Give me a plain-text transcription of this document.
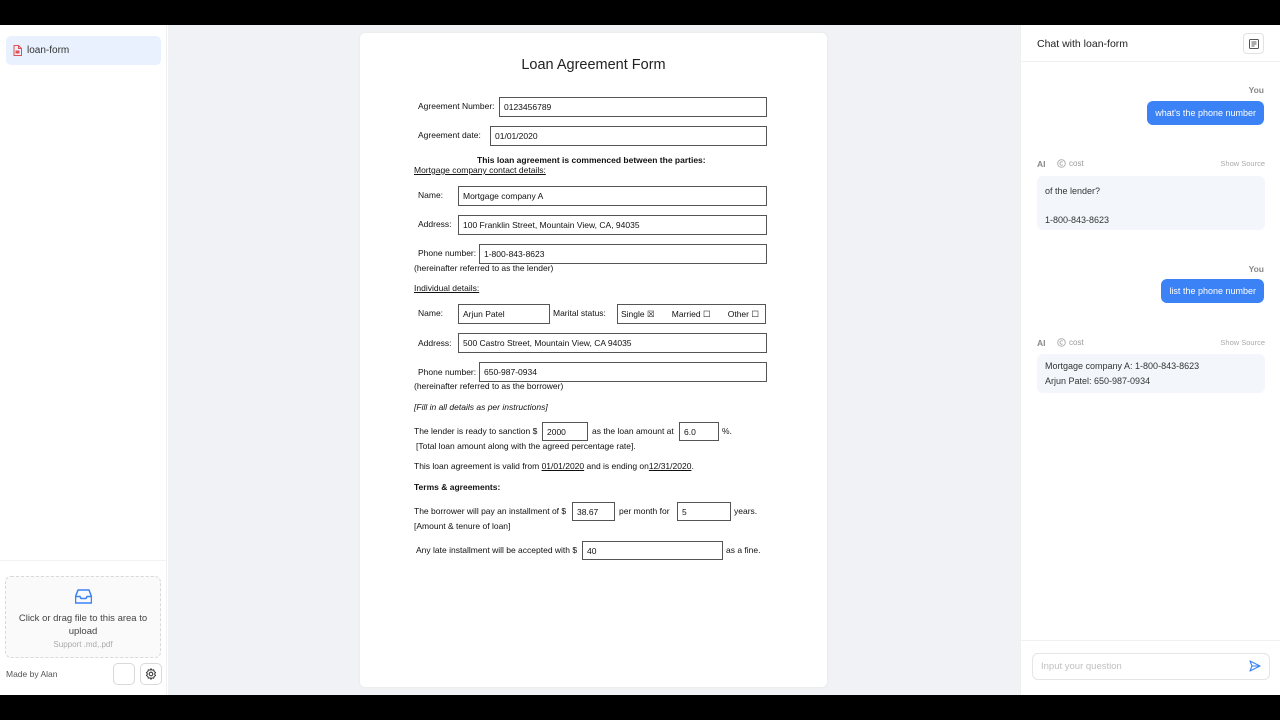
loan-form
Click or drag file to this area to upload
Support .md,.pdf
Made by Alan
Loan Agreement Form
Agreement Number:	0123456789
Agreement date:	01/01/2020
This loan agreement is commenced between the parties:
Mortgage company contact details:
Name:	Mortgage company A
Address:	100 Franklin Street, Mountain View, CA, 94035
Phone number: 1-800-843-8623
(hereinafter referred to as the lender)
Individual details:
Name:	Arjun Patel	Marital status: Single ☒ Married ☐ Other ☐
Address:	500 Castro Street, Mountain View, CA 94035
Phone number: 650-987-0934
(hereinafter referred to as the borrower)
[Fill in all details as per instructions]
The lender is ready to sanction $	2000	as the loan amount at	6.0	%.
[Total loan amount along with the agreed percentage rate].
This loan agreement is valid from 01/01/2020 and is ending on12/31/2020.
Terms & agreements:
The borrower will pay an installment of $	38.67	per month for	5	years.
[Amount & tenure of loan]
Any late installment will be accepted with $	40	as a fine.
Chat with loan-form
You
what's the phone number
AI	cost	Show Source
of the lender?
1-800-843-8623
You
list the phone number
AI	cost	Show Source
Mortgage company A: 1-800-843-8623
Arjun Patel: 650-987-0934
Input your question
